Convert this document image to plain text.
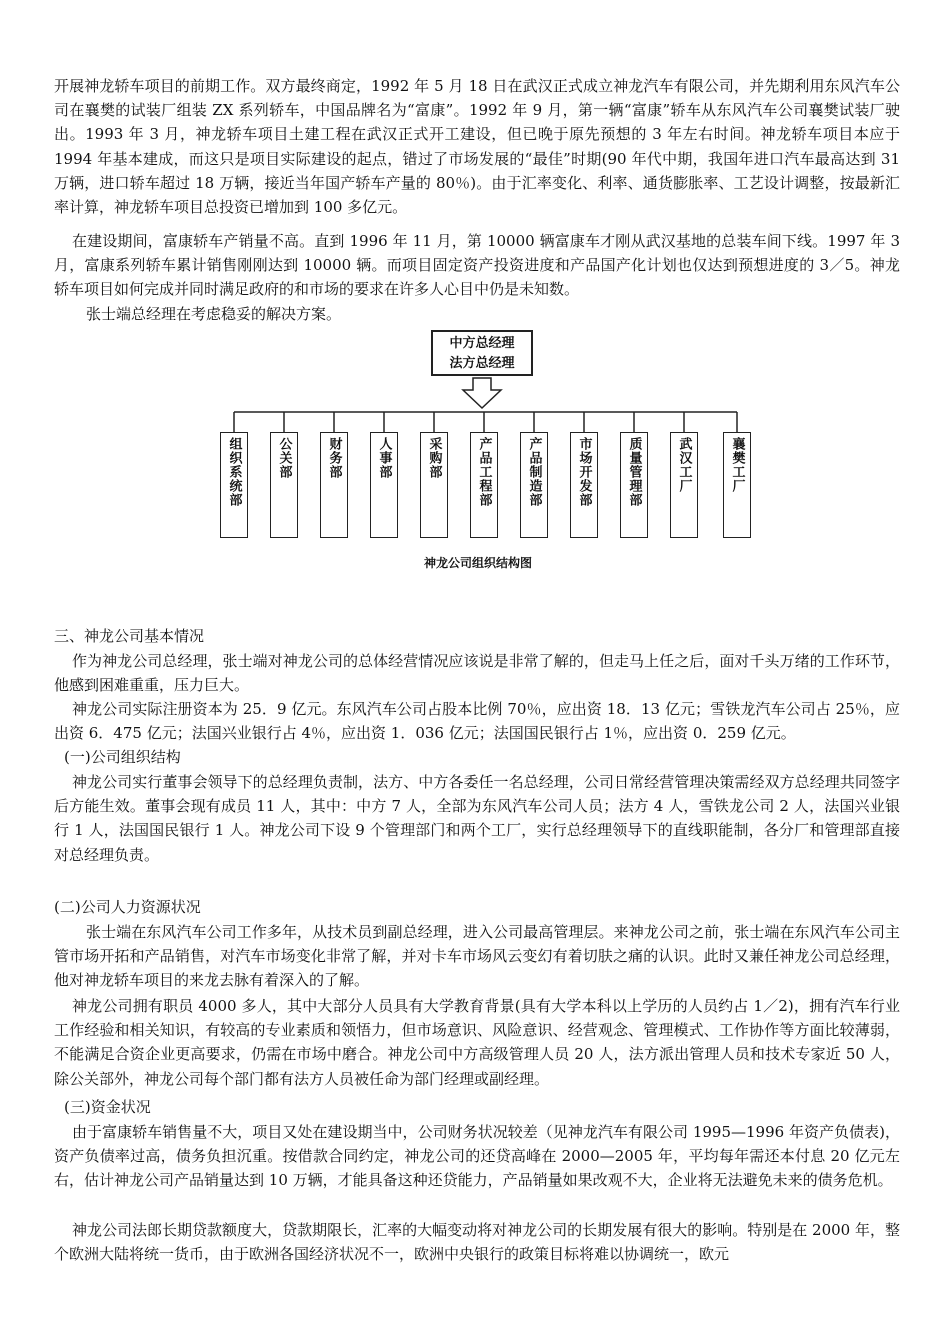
开展神龙轿车项目的前期工作。双方最终商定，1992 年 5 月 18 日在武汉正式成立神龙汽车有限公司，并先期利用东风汽车公司在襄樊的试装厂组装 ZX 系列轿车，中国品牌名为“富康”。1992 年 9 月，第一辆“富康”轿车从东风汽车公司襄樊试装厂驶出。1993 年 3 月，神龙轿车项目土建工程在武汉正式开工建设，但已晚于原先预想的 3 年左右时间。神龙轿车项目本应于 1994 年基本建成，而这只是项目实际建设的起点，错过了市场发展的“最佳”时期(90 年代中期，我国年进口汽车最高达到 31 万辆，进口轿车超过 18 万辆，接近当年国产轿车产量的 80％)。由于汇率变化、利率、通货膨胀率、工艺设计调整，按最新汇率计算，神龙轿车项目总投资已增加到 100 多亿元。

在建设期间，富康轿车产销量不高。直到 1996 年 11 月，第 10000 辆富康车才刚从武汉基地的总装车间下线。1997 年 3 月，富康系列轿车累计销售刚刚达到 10000 辆。而项目固定资产投资进度和产品国产化计划也仅达到预想进度的 3／5。神龙轿车项目如何完成并同时满足政府的和市场的要求在许多人心目中仍是未知数。

张士端总经理在考虑稳妥的解决方案。

中方总经理
法方总经理
组织系统部	公关部	财务部	人事部	采购部	产品工程部	产品制造部	市场开发部	质量管理部	武汉工厂	襄樊工厂
神龙公司组织结构图

三、神龙公司基本情况

作为神龙公司总经理，张士端对神龙公司的总体经营情况应该说是非常了解的，但走马上任之后，面对千头万绪的工作环节，他感到困难重重，压力巨大。

神龙公司实际注册资本为 25．9 亿元。东风汽车公司占股本比例 70％，应出资 18．13 亿元；雪铁龙汽车公司占 25％，应出资 6．475 亿元；法国兴业银行占 4％，应出资 1．036 亿元；法国国民银行占 1％，应出资 0．259 亿元。

(一)公司组织结构

神龙公司实行董事会领导下的总经理负责制，法方、中方各委任一名总经理，公司日常经营管理决策需经双方总经理共同签字后方能生效。董事会现有成员 11 人，其中：中方 7 人，全部为东风汽车公司人员；法方 4 人，雪铁龙公司 2 人，法国兴业银行 1 人，法国国民银行 1 人。神龙公司下设 9 个管理部门和两个工厂，实行总经理领导下的直线职能制，各分厂和管理部直接对总经理负责。

(二)公司人力资源状况

张士端在东风汽车公司工作多年，从技术员到副总经理，进入公司最高管理层。来神龙公司之前，张士端在东风汽车公司主管市场开拓和产品销售，对汽车市场变化非常了解，并对卡车市场风云变幻有着切肤之痛的认识。此时又兼任神龙公司总经理，他对神龙轿车项目的来龙去脉有着深入的了解。

神龙公司拥有职员 4000 多人，其中大部分人员具有大学教育背景(具有大学本科以上学历的人员约占 1／2)，拥有汽车行业工作经验和相关知识，有较高的专业素质和领悟力，但市场意识、风险意识、经营观念、管理模式、工作协作等方面比较薄弱，不能满足合资企业更高要求，仍需在市场中磨合。神龙公司中方高级管理人员 20 人，法方派出管理人员和技术专家近 50 人，除公关部外，神龙公司每个部门都有法方人员被任命为部门经理或副经理。

(三)资金状况

由于富康轿车销售量不大，项目又处在建设期当中，公司财务状况较差（见神龙汽车有限公司 1995—1996 年资产负债表)，资产负债率过高，债务负担沉重。按借款合同约定，神龙公司的还贷高峰在 2000—2005 年，平均每年需还本付息 20 亿元左右，估计神龙公司产品销量达到 10 万辆，才能具备这种还贷能力，产品销量如果改观不大，企业将无法避免未来的债务危机。

神龙公司法郎长期贷款额度大，贷款期限长，汇率的大幅变动将对神龙公司的长期发展有很大的影响。特别是在 2000 年，整个欧洲大陆将统一货币，由于欧洲各国经济状况不一，欧洲中央银行的政策目标将难以协调统一，欧元
